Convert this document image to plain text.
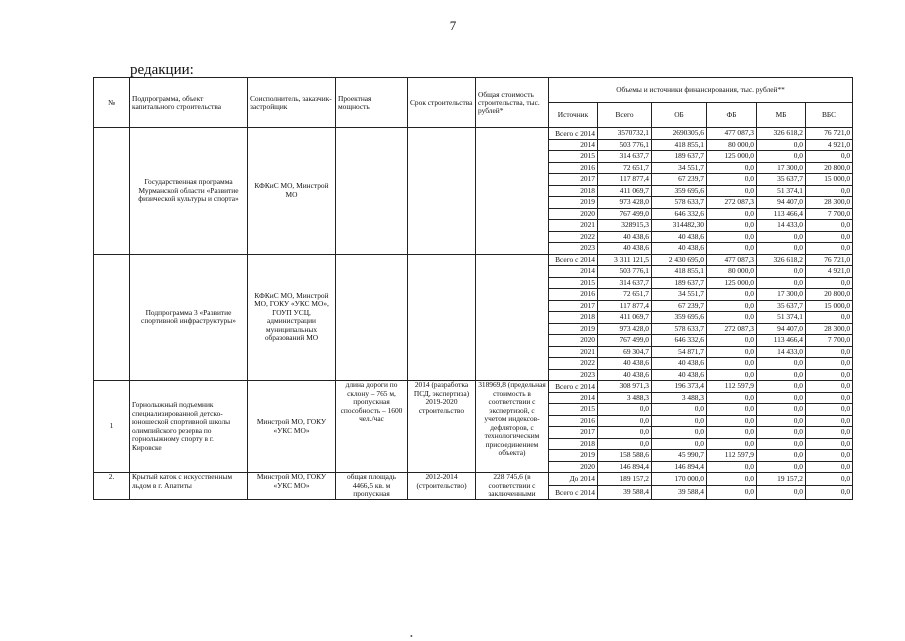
7
редакции:
№	Подпрограмма, объект капитального строительства	Соисполнитель, заказчик-застройщик	Проектная мощность	Срок строительства	Общая стоимость строительства, тыс. рублей*	Объемы и источники финансирования, тыс. рублей**					
						Источник	Всего	ОБ	ФБ	МБ	ВБС
	Государственная программа Мурманской области «Развитие физической культуры и спорта»	КФКиС МО, Минстрой МО				Всего с 2014	3570732,1	2690305,6	477 087,3	326 618,2	76 721,0
						2014	503 776,1	418 855,1	80 000,0	0,0	4 921,0
						2015	314 637,7	189 637,7	125 000,0	0,0	0,0
						2016	72 651,7	34 551,7	0,0	17 300,0	20 800,0
						2017	117 877,4	67 239,7	0,0	35 637,7	15 000,0
						2018	411 069,7	359 695,6	0,0	51 374,1	0,0
						2019	973 428,0	578 633,7	272 087,3	94 407,0	28 300,0
						2020	767 499,0	646 332,6	0,0	113 466,4	7 700,0
						2021	328915,3	314482,30	0,0	14 433,0	0,0
						2022	40 438,6	40 438,6	0,0	0,0	0,0
						2023	40 438,6	40 438,6	0,0	0,0	0,0
	Подпрограмма 3 «Развитие спортивной инфраструктуры»	КФКиС МО, Минстрой МО, ГОКУ «УКС МО», ГОУП УСЦ, администрации муниципальных образований МО				Всего с 2014	3 311 121,5	2 430 695,0	477 087,3	326 618,2	76 721,0
						2014	503 776,1	418 855,1	80 000,0	0,0	4 921,0
						2015	314 637,7	189 637,7	125 000,0	0,0	0,0
						2016	72 651,7	34 551,7	0,0	17 300,0	20 800,0
						2017	117 877,4	67 239,7	0,0	35 637,7	15 000,0
						2018	411 069,7	359 695,6	0,0	51 374,1	0,0
						2019	973 428,0	578 633,7	272 087,3	94 407,0	28 300,0
						2020	767 499,0	646 332,6	0,0	113 466,4	7 700,0
						2021	69 304,7	54 871,7	0,0	14 433,0	0,0
						2022	40 438,6	40 438,6	0,0	0,0	0,0
						2023	40 438,6	40 438,6	0,0	0,0	0,0
1	Горнолыжный подъемник специализированной детско-юношеской спортивной школы олимпийского резерва по горнолыжному спорту в г. Кировске	Минстрой МО, ГОКУ «УКС МО»	длина дороги по склону – 765 м, пропускная способность – 1600 чел./час	2014 (разработка ПСД, экспертиза) 2019-2020 строительство	318969,8 (предельная стоимость в соответствии с экспертизой, с учетом индексов-дефляторов, с технологическим присоединением объекта)	Всего с 2014	308 971,3	196 373,4	112 597,9	0,0	0,0
						2014	3 488,3	3 488,3	0,0	0,0	0,0
						2015	0,0	0,0	0,0	0,0	0,0
						2016	0,0	0,0	0,0	0,0	0,0
						2017	0,0	0,0	0,0	0,0	0,0
						2018	0,0	0,0	0,0	0,0	0,0
						2019	158 588,6	45 990,7	112 597,9	0,0	0,0
						2020	146 894,4	146 894,4	0,0	0,0	0,0
2.	Крытый каток с искусственным льдом в г. Апатиты	Минстрой МО, ГОКУ «УКС МО»	общая площадь 4466,5 кв. м пропускная	2012-2014 (строительство)	228 745,6 (в соответствии с заключенными	До 2014	189 157,2	170 000,0	0,0	19 157,2	0,0
						Всего с 2014	39 588,4	39 588,4	0,0	0,0	0,0
•
